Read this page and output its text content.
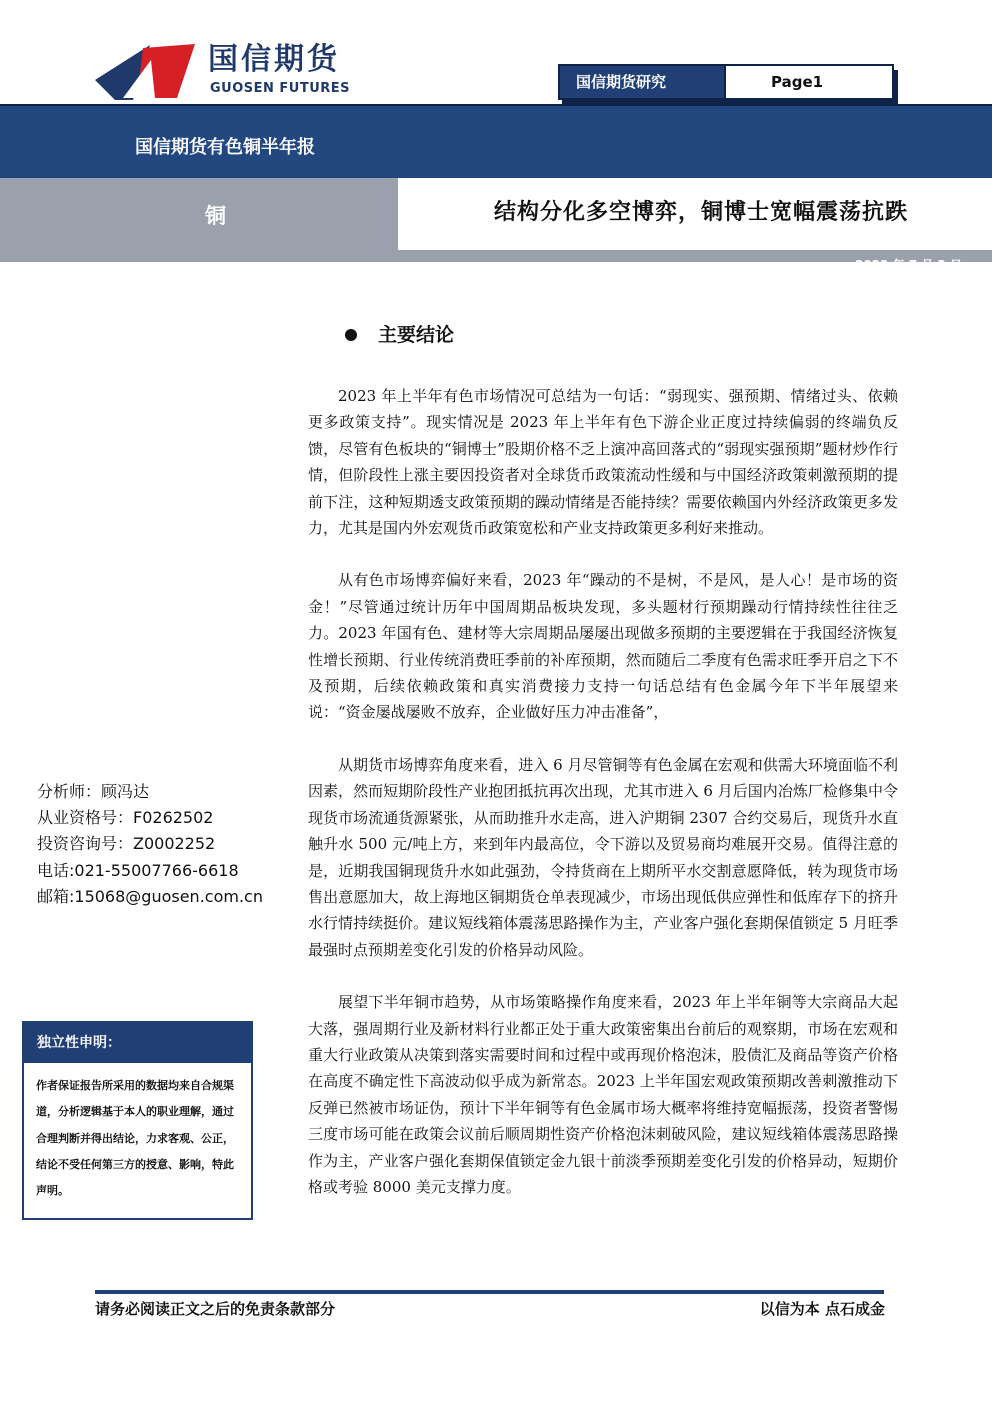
国信期货
GUOSEN FUTURES	国信期货研究	Page1
国信期货有色铜半年报
铜	结构分化多空博弈，铜博士宽幅震荡抗跌
2023 年 7 月 2 日
主要结论

2023 年上半年有色市场情况可总结为一句话：“弱现实、强预期、情绪过头、依赖更多政策支持”。现实情况是 2023 年上半年有色下游企业正度过持续偏弱的终端负反馈，尽管有色板块的“铜博士”股期价格不乏上演冲高回落式的“弱现实强预期”题材炒作行情，但阶段性上涨主要因投资者对全球货币政策流动性缓和与中国经济政策刺激预期的提前下注，这种短期透支政策预期的躁动情绪是否能持续？需要依赖国内外经济政策更多发力，尤其是国内外宏观货币政策宽松和产业支持政策更多利好来推动。

从有色市场博弈偏好来看，2023 年“躁动的不是树，不是风，是人心！是市场的资金！”尽管通过统计历年中国周期品板块发现，多头题材行预期躁动行情持续性往往乏力。2023 年国有色、建材等大宗周期品屡屡出现做多预期的主要逻辑在于我国经济恢复性增长预期、行业传统消费旺季前的补库预期，然而随后二季度有色需求旺季开启之下不及预期，后续依赖政策和真实消费接力支持一句话总结有色金属今年下半年展望来说：“资金屡战屡败不放弃，企业做好压力冲击准备”，

从期货市场博弈角度来看，进入 6 月尽管铜等有色金属在宏观和供需大环境面临不利因素，然而短期阶段性产业抱团抵抗再次出现，尤其市进入 6 月后国内冶炼厂检修集中令现货市场流通货源紧张，从而助推升水走高，进入沪期铜 2307 合约交易后，现货升水直触升水 500 元/吨上方，来到年内最高位，令下游以及贸易商均难展开交易。值得注意的是，近期我国铜现货升水如此强劲，令持货商在上期所平水交割意愿降低，转为现货市场售出意愿加大，故上海地区铜期货仓单表现减少，市场出现低供应弹性和低库存下的挤升水行情持续挺价。建议短线箱体震荡思路操作为主，产业客户强化套期保值锁定 5 月旺季最强时点预期差变化引发的价格异动风险。

展望下半年铜市趋势，从市场策略操作角度来看，2023 年上半年铜等大宗商品大起大落，强周期行业及新材料行业都正处于重大政策密集出台前后的观察期，市场在宏观和重大行业政策从决策到落实需要时间和过程中或再现价格泡沫，股债汇及商品等资产价格在高度不确定性下高波动似乎成为新常态。2023 上半年国宏观政策预期改善刺激推动下反弹已然被市场证伪，预计下半年铜等有色金属市场大概率将维持宽幅振荡，投资者警惕三度市场可能在政策会议前后顺周期性资产价格泡沫刺破风险，建议短线箱体震荡思路操作为主，产业客户强化套期保值锁定金九银十前淡季预期差变化引发的价格异动，短期价格或考验 8000 美元支撑力度。

分析师：顾冯达
从业资格号：F0262502
投资咨询号：Z0002252
电话:021-55007766-6618
邮箱:15068@guosen.com.cn
独立性申明：
作者保证报告所采用的数据均来自合规渠道，分析逻辑基于本人的职业理解，通过合理判断并得出结论，力求客观、公正，结论不受任何第三方的授意、影响，特此声明。
请务必阅读正文之后的免责条款部分	以信为本 点石成金
